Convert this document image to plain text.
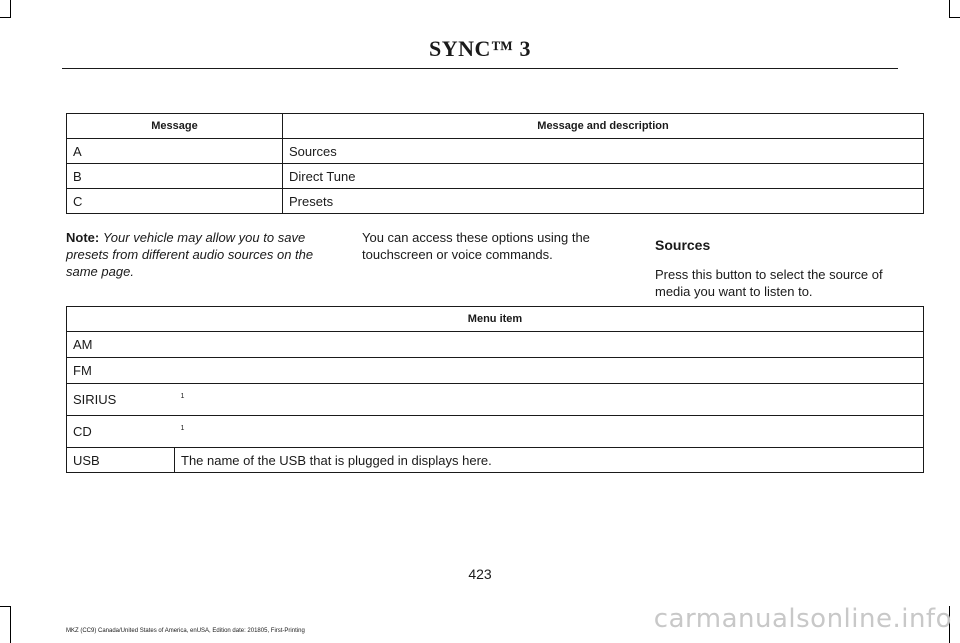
SYNC™ 3
Message	Message and description
A	Sources
B	Direct Tune
C	Presets
Note: Your vehicle may allow you to save presets from different audio sources on the same page.
You can access these options using the touchscreen or voice commands.
Sources
Press this button to select the source of media you want to listen to.
Menu item	
AM	
FM	
SIRIUS	$^1$
CD	$^1$
USB	The name of the USB that is plugged in displays here.
423
MKZ (CC9) Canada/United States of America, enUSA, Edition date: 201805, First-Printing	carmanualsonline.info
